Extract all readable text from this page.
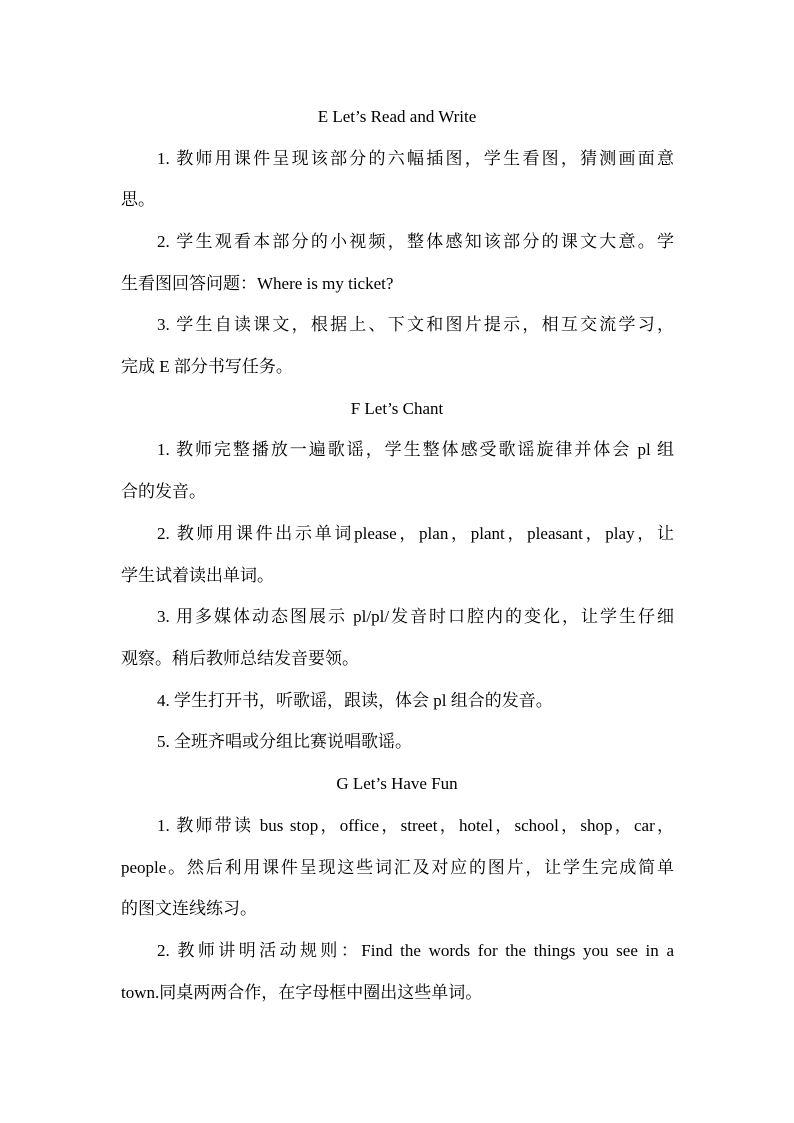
E Let’s Read and Write
1. 教师用课件呈现该部分的六幅插图，学生看图，猜测画面意
思。
2. 学生观看本部分的小视频，整体感知该部分的课文大意。学
生看图回答问题：Where is my ticket?
3. 学生自读课文，根据上、下文和图片提示，相互交流学习，
完成 E 部分书写任务。
F Let’s Chant
1. 教师完整播放一遍歌谣，学生整体感受歌谣旋律并体会 pl 组
合的发音。
2. 教师用课件出示单词please，plan，plant，pleasant，play，让
学生试着读出单词。
3. 用多媒体动态图展示 pl/pl/发音时口腔内的变化，让学生仔细
观察。稍后教师总结发音要领。
4. 学生打开书，听歌谣，跟读，体会 pl 组合的发音。
5. 全班齐唱或分组比赛说唱歌谣。
G Let’s Have Fun
1. 教师带读 bus stop，office，street，hotel，school，shop，car，
people。然后利用课件呈现这些词汇及对应的图片，让学生完成简单
的图文连线练习。
2. 教师讲明活动规则：Find the words for the things you see in a
town.同桌两两合作，在字母框中圈出这些单词。
